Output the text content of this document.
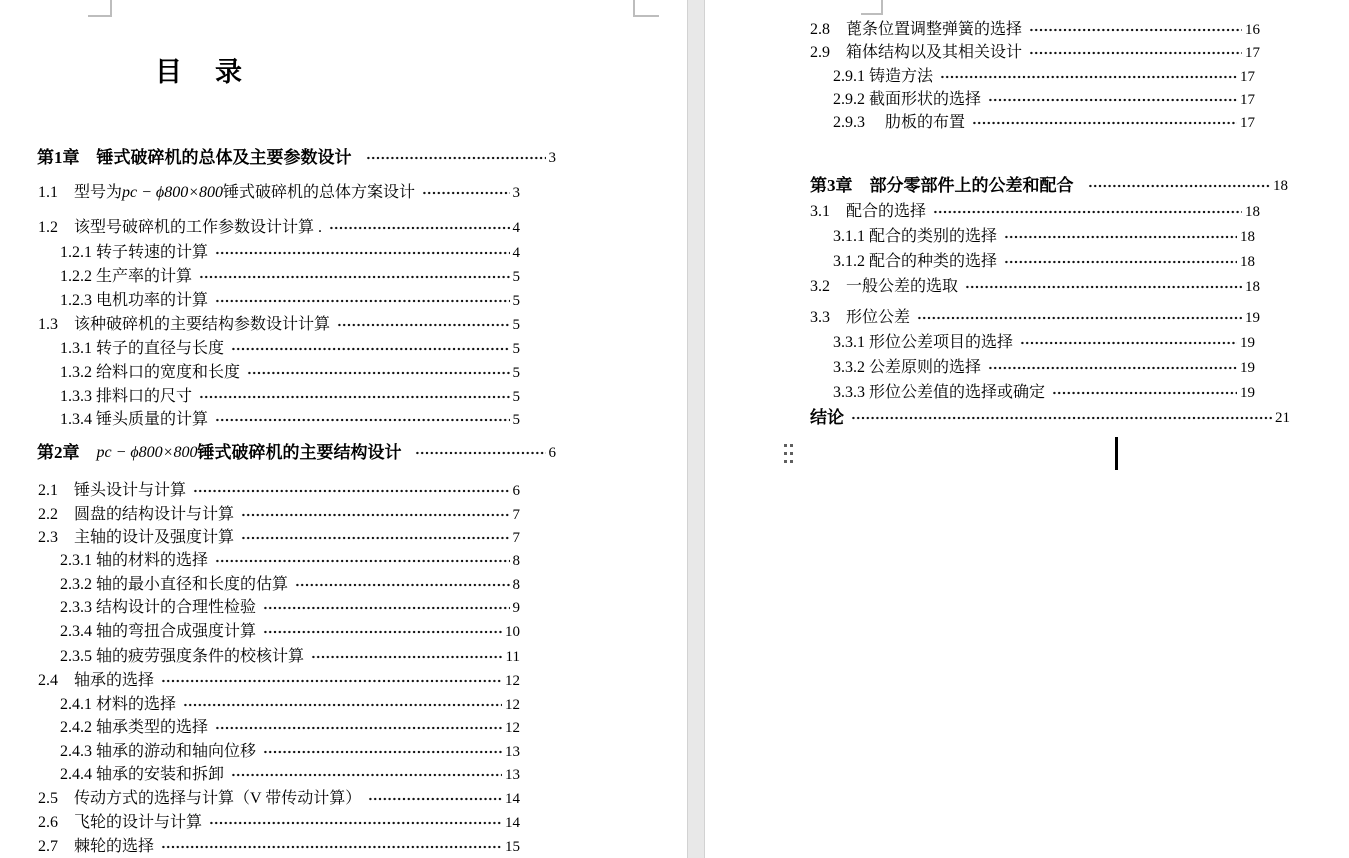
目　录
第1章　锤式破碎机的总体及主要参数设计	3
1.1　型号为 pc − ϕ800×800 锤式破碎机的总体方案设计	3
1.2　该型号破碎机的工作参数设计计算 .	4
1.2.1 转子转速的计算	4
1.2.2 生产率的计算	5
1.2.3 电机功率的计算	5
1.3　该种破碎机的主要结构参数设计计算	5
1.3.1 转子的直径与长度	5
1.3.2 给料口的宽度和长度	5
1.3.3 排料口的尺寸	5
1.3.4 锤头质量的计算	5
第2章　 pc − ϕ800×800 锤式破碎机的主要结构设计	6
2.1　锤头设计与计算	6
2.2　圆盘的结构设计与计算	7
2.3　主轴的设计及强度计算	7
2.3.1 轴的材料的选择	8
2.3.2 轴的最小直径和长度的估算	8
2.3.3 结构设计的合理性检验	9
2.3.4 轴的弯扭合成强度计算	10
2.3.5 轴的疲劳强度条件的校核计算	11
2.4　轴承的选择	12
2.4.1 材料的选择	12
2.4.2 轴承类型的选择	12
2.4.3 轴承的游动和轴向位移	13
2.4.4 轴承的安装和拆卸	13
2.5　传动方式的选择与计算（V 带传动计算）	14
2.6　飞轮的设计与计算	14
2.7　棘轮的选择	15
2.8　蓖条位置调整弹簧的选择	16
2.9　箱体结构以及其相关设计	17
2.9.1 铸造方法	17
2.9.2 截面形状的选择	17
2.9.3　 肋板的布置	17
第3章　部分零部件上的公差和配合	18
3.1　配合的选择	18
3.1.1 配合的类别的选择	18
3.1.2 配合的种类的选择	18
3.2　一般公差的选取	18
3.3　形位公差	19
3.3.1 形位公差项目的选择	19
3.3.2 公差原则的选择	19
3.3.3 形位公差值的选择或确定	19
结论	21
